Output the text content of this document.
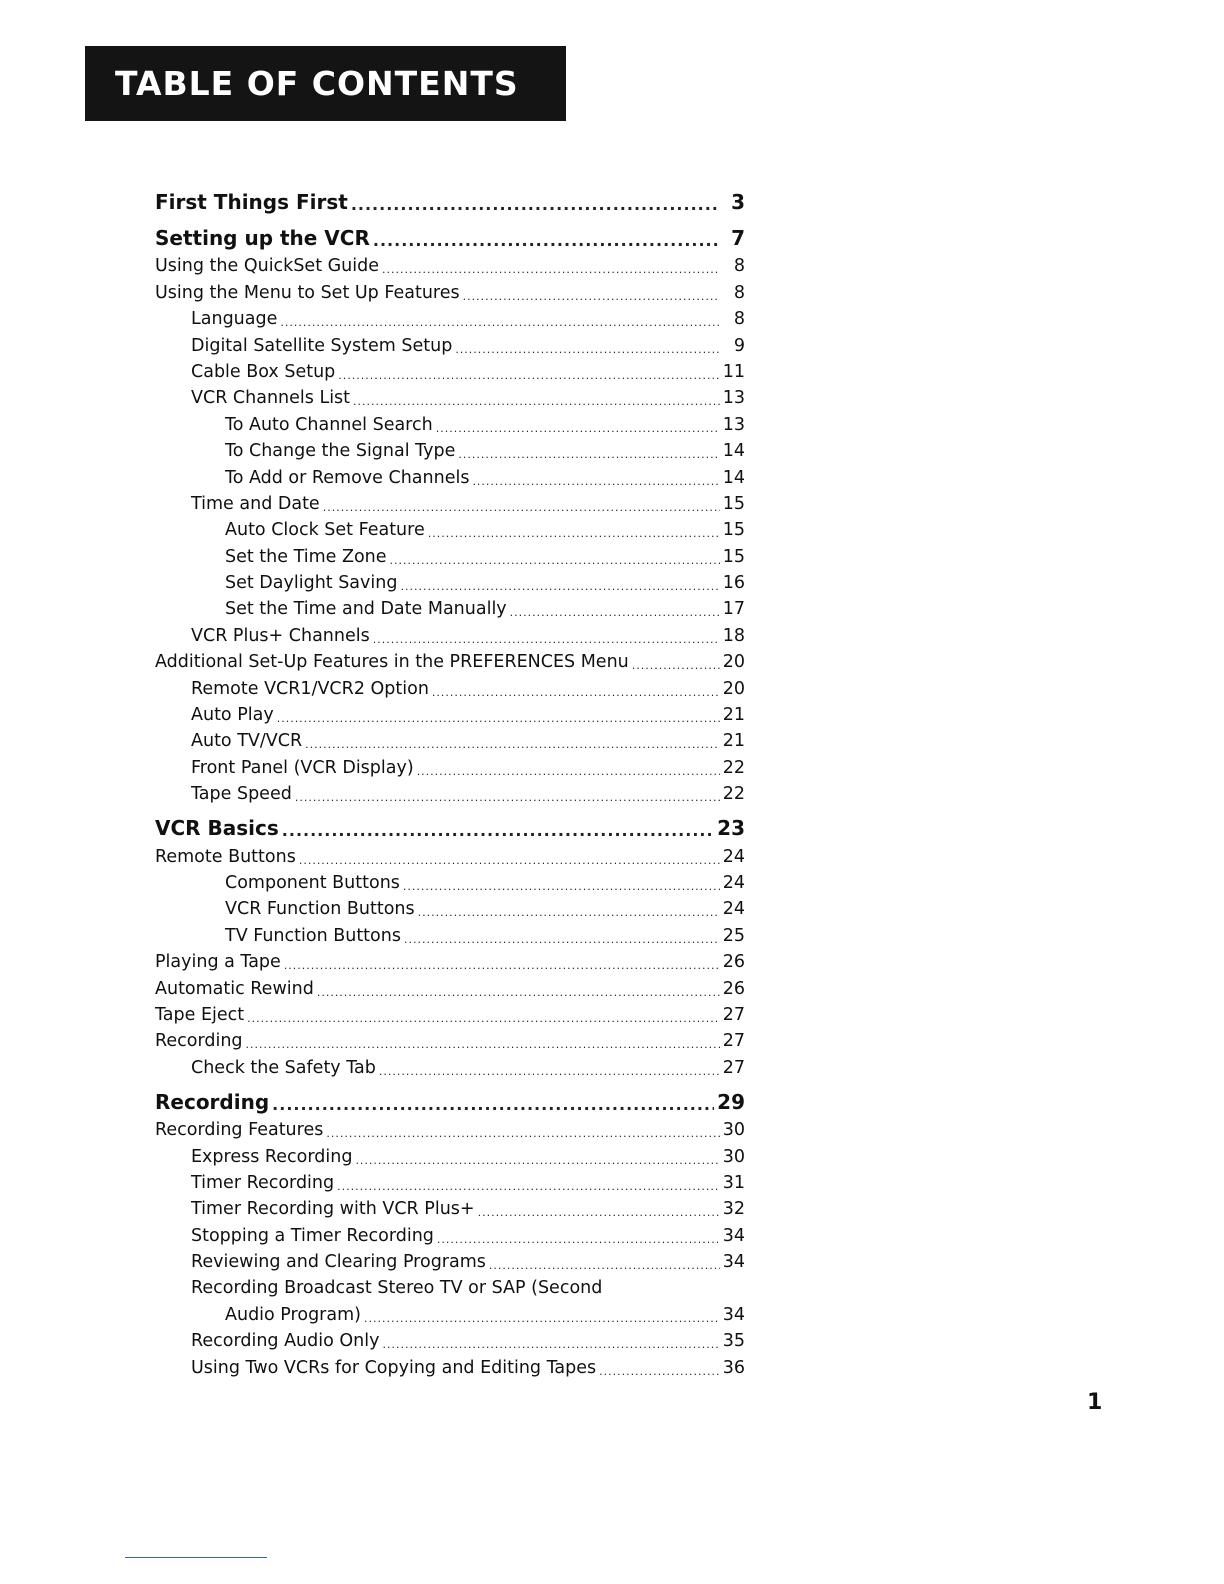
TABLE OF CONTENTS
First Things First .....	3
Setting up the VCR .....	7
Using the QuickSet Guide .....	8
Using the Menu to Set Up Features .....	8
Language .....	8
Digital Satellite System Setup .....	9
Cable Box Setup .....	11
VCR Channels List .....	13
To Auto Channel Search .....	13
To Change the Signal Type .....	14
To Add or Remove Channels .....	14
Time and Date .....	15
Auto Clock Set Feature .....	15
Set the Time Zone .....	15
Set Daylight Saving .....	16
Set the Time and Date Manually .....	17
VCR Plus+ Channels .....	18
Additional Set-Up Features in the PREFERENCES Menu .....	20
Remote VCR1/VCR2 Option .....	20
Auto Play .....	21
Auto TV/VCR .....	21
Front Panel (VCR Display) .....	22
Tape Speed .....	22
VCR Basics .....	23
Remote Buttons .....	24
Component Buttons .....	24
VCR Function Buttons .....	24
TV Function Buttons .....	25
Playing a Tape .....	26
Automatic Rewind .....	26
Tape Eject .....	27
Recording .....	27
Check the Safety Tab .....	27
Recording .....	29
Recording Features .....	30
Express Recording .....	30
Timer Recording .....	31
Timer Recording with VCR Plus+ .....	32
Stopping a Timer Recording .....	34
Reviewing and Clearing Programs .....	34
Recording Broadcast Stereo TV or SAP (Second
Audio Program) .....	34
Recording Audio Only .....	35
Using Two VCRs for Copying and Editing Tapes .....	36
1
